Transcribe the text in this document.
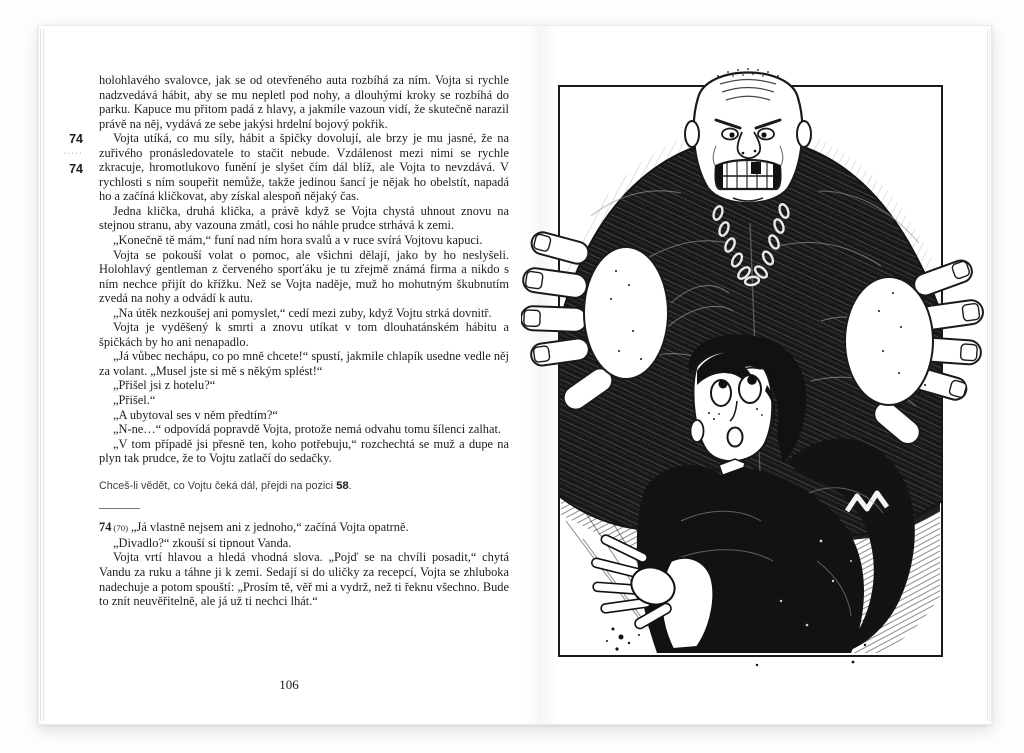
74
·····
74

holohlavého svalovce, jak se od otevřeného auta rozbíhá za ním. Vojta si rychle nadzvedává hábit, aby se mu nepletl pod nohy, a dlouhými kroky se rozbíhá do parku. Kapuce mu přitom padá z hlavy, a jakmile vazoun vidí, že skutečně narazil právě na něj, vydává ze sebe jakýsi hrdelní bojový pokřik.

Vojta utíká, co mu síly, hábit a špičky dovolují, ale brzy je mu jasné, že na zuřivého pronásledovatele to stačit nebude. Vzdálenost mezi nimi se rychle zkracuje, hromotlukovo funění je slyšet čím dál blíž, ale Vojta to nevzdává. V rychlosti s ním soupeřit nemůže, takže jedinou šancí je nějak ho obelstít, napadá ho a začíná kličkovat, aby získal alespoň nějaký čas.

Jedna klička, druhá klička, a právě když se Vojta chystá uhnout znovu na stejnou stranu, aby vazouna zmátl, cosi ho náhle prudce strhává k zemi.

„Konečně tě mám,“ funí nad ním hora svalů a v ruce svírá Vojtovu kapuci.

Vojta se pokouší volat o pomoc, ale všichni dělají, jako by ho neslyšeli. Holohlavý gentleman z červeného sporťáku je tu zřejmě známá firma a nikdo s ním nechce přijít do křížku. Než se Vojta naděje, muž ho mohutným škubnutím zvedá na nohy a odvádí k autu.

„Na útěk nezkoušej ani pomyslet,“ cedí mezi zuby, když Vojtu strká dovnitř.

Vojta je vyděšený k smrti a znovu utíkat v tom dlouhatánském hábitu a špičkách by ho ani nenapadlo.

„Já vůbec nechápu, co po mně chcete!“ spustí, jakmile chlapík usedne vedle něj za volant. „Musel jste si mě s někým splést!“

„Přišel jsi z hotelu?“

„Přišel.“

„A ubytoval ses v něm předtím?“

„N-ne…“ odpovídá popravdě Vojta, protože nemá odvahu tomu šílenci zalhat.

„V tom případě jsi přesně ten, koho potřebuju,“ rozchechtá se muž a dupe na plyn tak prudce, že to Vojtu zatlačí do sedačky.

Chceš-li vědět, co Vojtu čeká dál, přejdi na pozici 58.

74 (70) „Já vlastně nejsem ani z jednoho,“ začíná Vojta opatrně.

„Divadlo?“ zkouší si tipnout Vanda.

Vojta vrtí hlavou a hledá vhodná slova. „Pojď se na chvíli posadit,“ chytá Vandu za ruku a táhne ji k zemi. Sedají si do uličky za recepcí, Vojta se zhluboka nadechuje a potom spouští: „Prosím tě, věř mi a vydrž, než ti řeknu všechno. Bude to znít neuvěřitelně, ale já už ti nechci lhát.“

106
